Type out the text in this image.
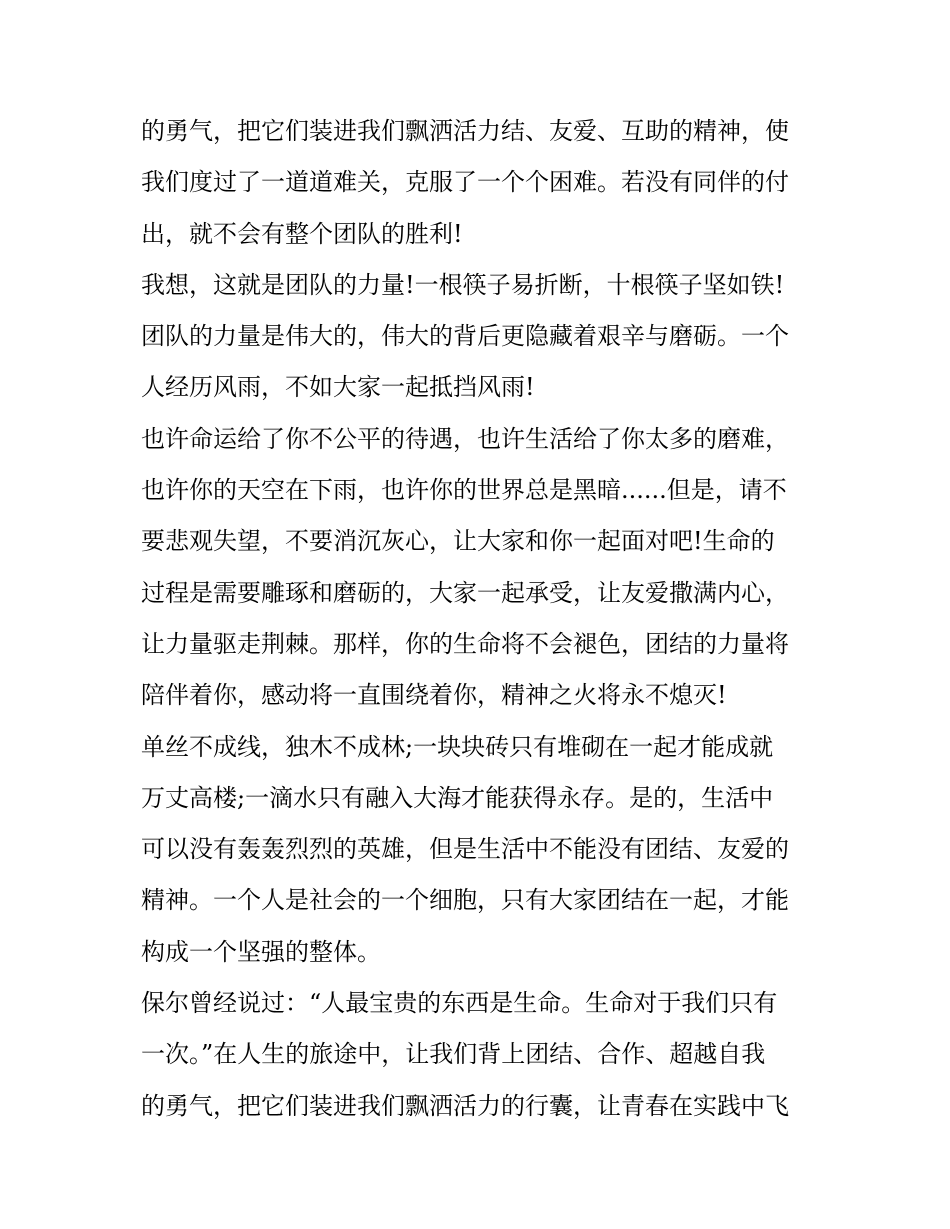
的勇气，把它们装进我们飘洒活力结、友爱、互助的精神，使

我们度过了一道道难关，克服了一个个困难。若没有同伴的付

出，就不会有整个团队的胜利!

我想，这就是团队的力量!一根筷子易折断，十根筷子坚如铁!

团队的力量是伟大的，伟大的背后更隐藏着艰辛与磨砺。一个

人经历风雨，不如大家一起抵挡风雨!

也许命运给了你不公平的待遇，也许生活给了你太多的磨难，

也许你的天空在下雨，也许你的世界总是黑暗......但是，请不

要悲观失望，不要消沉灰心，让大家和你一起面对吧!生命的

过程是需要雕琢和磨砺的，大家一起承受，让友爱撒满内心，

让力量驱走荆棘。那样，你的生命将不会褪色，团结的力量将

陪伴着你，感动将一直围绕着你，精神之火将永不熄灭!

单丝不成线，独木不成林;一块块砖只有堆砌在一起才能成就

万丈高楼;一滴水只有融入大海才能获得永存。是的，生活中

可以没有轰轰烈烈的英雄，但是生活中不能没有团结、友爱的

精神。一个人是社会的一个细胞，只有大家团结在一起，才能

构成一个坚强的整体。

保尔曾经说过：“人最宝贵的东西是生命。生命对于我们只有

一次。”在人生的旅途中，让我们背上团结、合作、超越自我

的勇气，把它们装进我们飘洒活力的行囊，让青春在实践中飞
